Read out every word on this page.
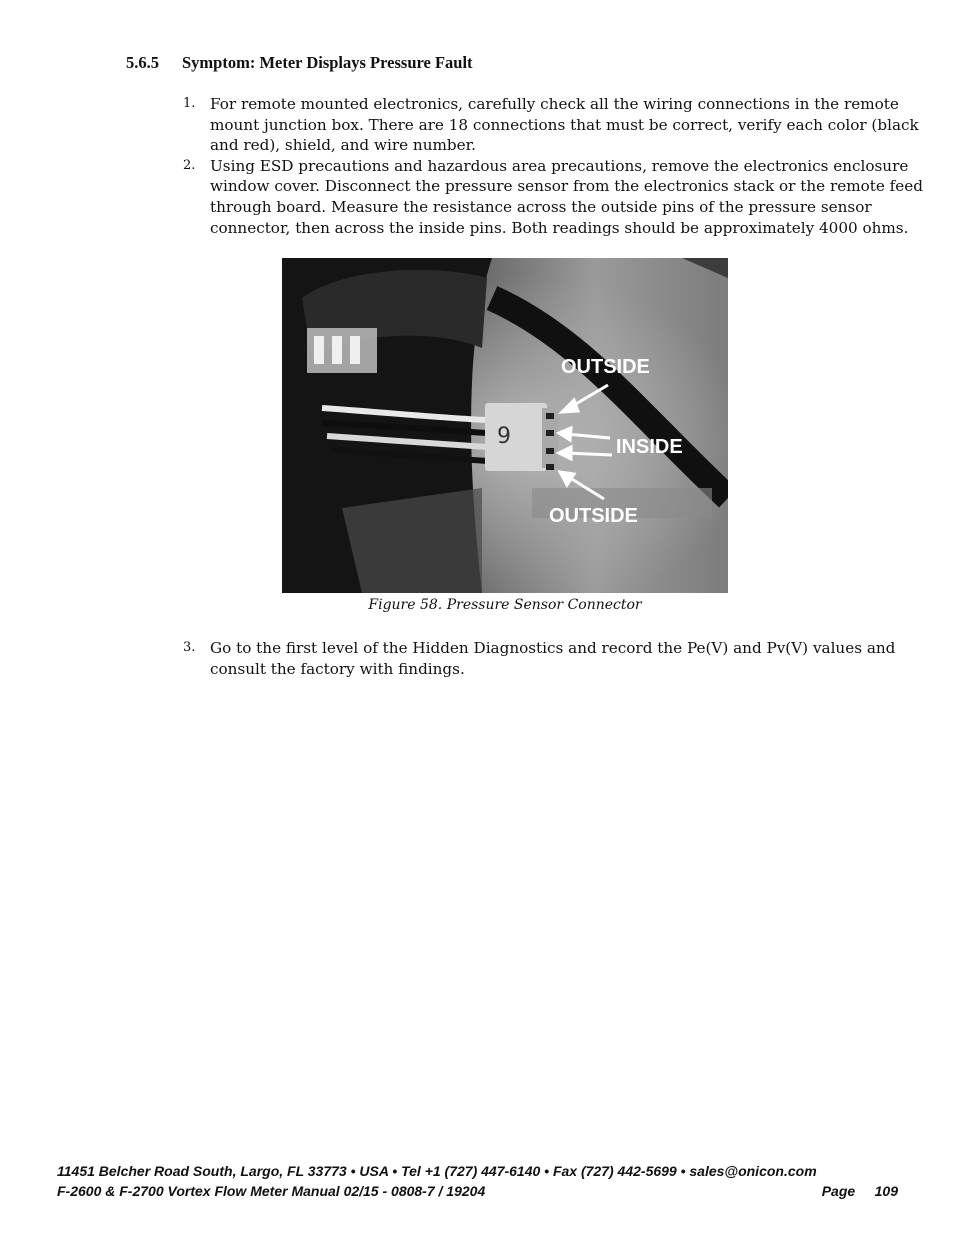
5.6.5 Symptom: Meter Displays Pressure Fault
1. For remote mounted electronics, carefully check all the wiring connections in the remote mount junction box. There are 18 connections that must be correct, verify each color (black and red), shield, and wire number.
2. Using ESD precautions and hazardous area precautions, remove the electronics enclosure window cover. Disconnect the pressure sensor from the electronics stack or the remote feed through board. Measure the resistance across the outside pins of the pressure sensor connector, then across the inside pins. Both readings should be approximately 4000 ohms.
9
OUTSIDE
INSIDE
OUTSIDE
Figure 58. Pressure Sensor Connector
3. Go to the first level of the Hidden Diagnostics and record the Pe(V) and Pv(V) values and consult the factory with findings.
11451 Belcher Road South, Largo, FL 33773 • USA • Tel +1 (727) 447-6140 • Fax (727) 442-5699 • sales@onicon.com
F-2600 & F-2700 Vortex Flow Meter Manual 02/15 - 0808-7 / 19204	Page 109
